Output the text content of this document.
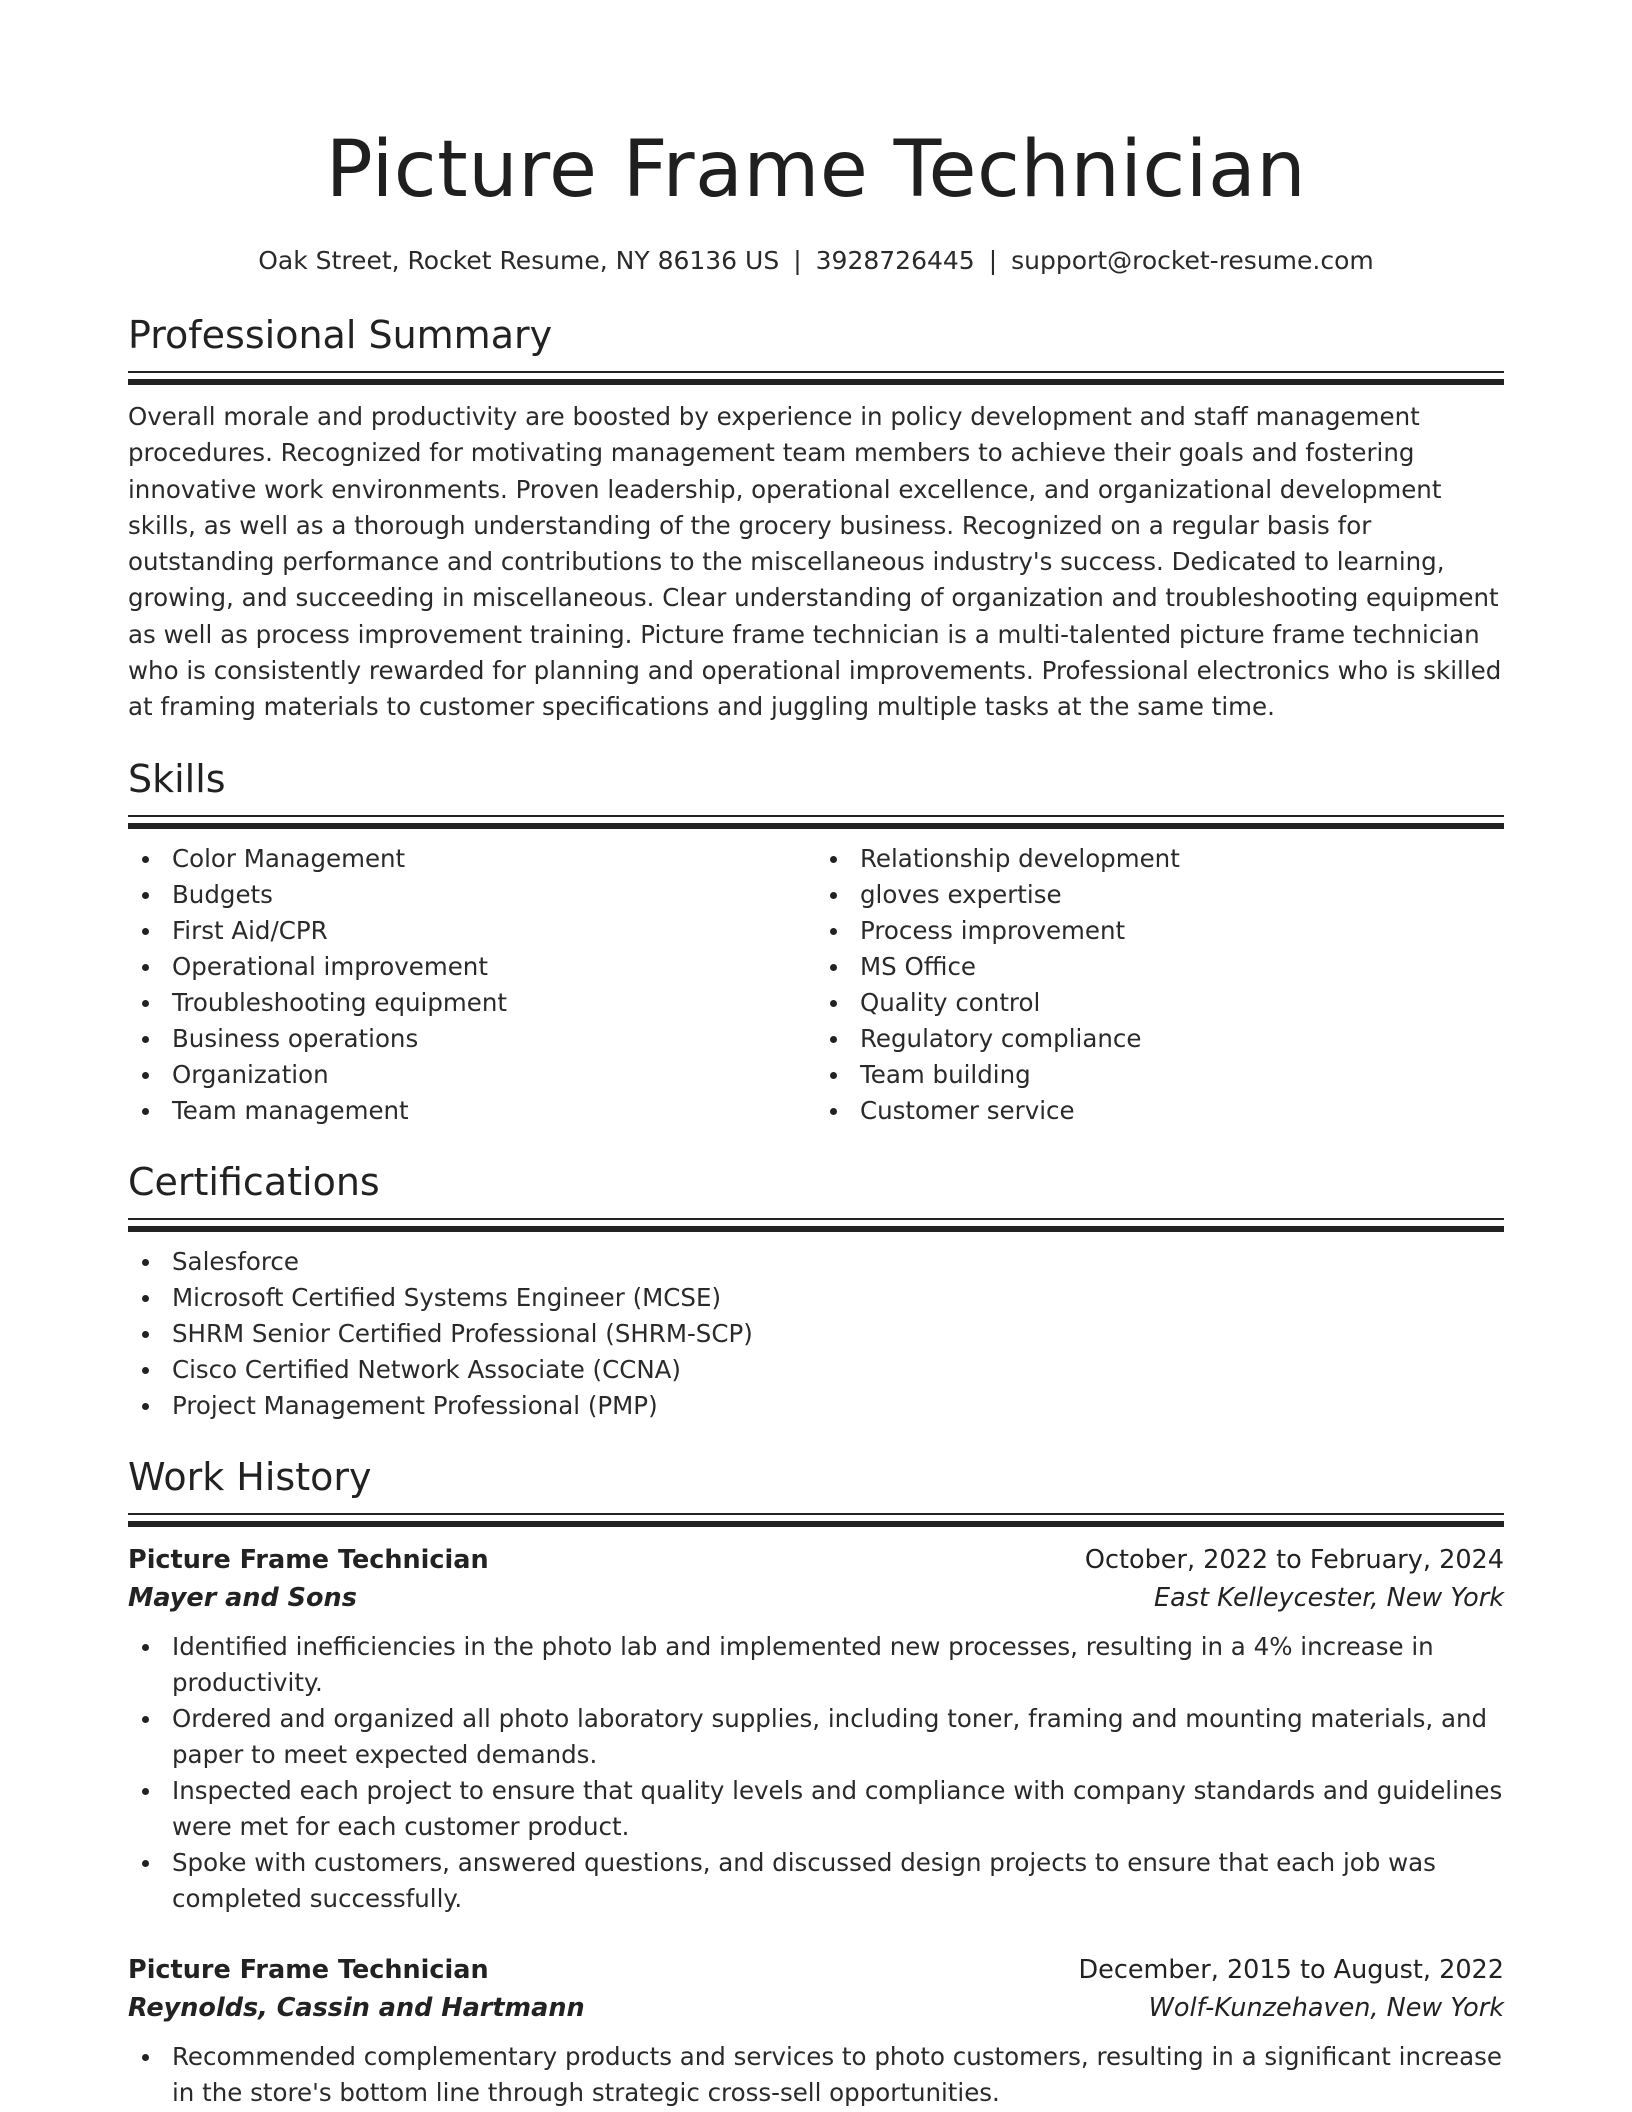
Picture Frame Technician
Oak Street, Rocket Resume, NY 86136 US | 3928726445 | support@rocket-resume.com
Professional Summary

Overall morale and productivity are boosted by experience in policy development and staff management procedures. Recognized for motivating management team members to achieve their goals and fostering innovative work environments. Proven leadership, operational excellence, and organizational development skills, as well as a thorough understanding of the grocery business. Recognized on a regular basis for outstanding performance and contributions to the miscellaneous industry's success. Dedicated to learning, growing, and succeeding in miscellaneous. Clear understanding of organization and troubleshooting equipment as well as process improvement training. Picture frame technician is a multi-talented picture frame technician who is consistently rewarded for planning and operational improvements. Professional electronics who is skilled at framing materials to customer specifications and juggling multiple tasks at the same time.

Skills
Color Management
Budgets
First Aid/CPR
Operational improvement
Troubleshooting equipment
Business operations
Organization
Team management
Relationship development
gloves expertise
Process improvement
MS Office
Quality control
Regulatory compliance
Team building
Customer service
Certifications
Salesforce
Microsoft Certified Systems Engineer (MCSE)
SHRM Senior Certified Professional (SHRM-SCP)
Cisco Certified Network Associate (CCNA)
Project Management Professional (PMP)
Work History
Picture Frame Technician	October, 2022 to February, 2024
Mayer and Sons	East Kelleycester, New York
Identified inefficiencies in the photo lab and implemented new processes, resulting in a 4% increase in productivity.
Ordered and organized all photo laboratory supplies, including toner, framing and mounting materials, and paper to meet expected demands.
Inspected each project to ensure that quality levels and compliance with company standards and guidelines were met for each customer product.
Spoke with customers, answered questions, and discussed design projects to ensure that each job was completed successfully.
Picture Frame Technician	December, 2015 to August, 2022
Reynolds, Cassin and Hartmann	Wolf-Kunzehaven, New York
Recommended complementary products and services to photo customers, resulting in a significant increase in the store's bottom line through strategic cross-sell opportunities.
